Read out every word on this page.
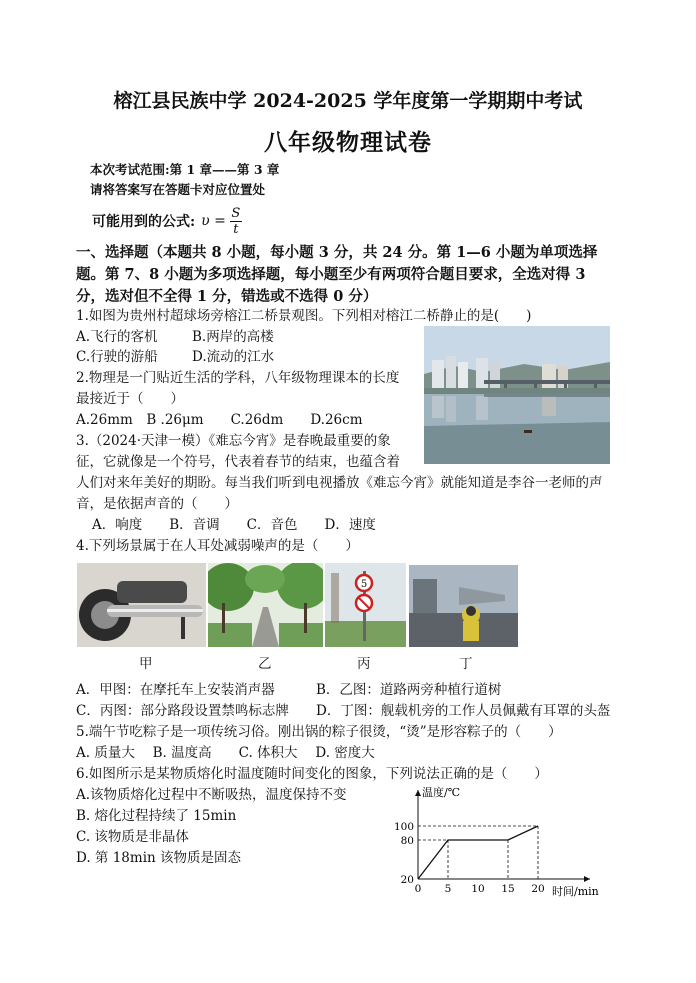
榕江县民族中学 2024-2025 学年度第一学期期中考试
八年级物理试卷
本次考试范围:第 1 章——第 3 章
请将答案写在答题卡对应位置处
可能用到的公式: υ = S
t
一、选择题（本题共 8 小题，每小题 3 分，共 24 分。第 1—6 小题为单项选择
题。第 7、8 小题为多项选择题，每小题至少有两项符合题目要求，全选对得 3
分，选对但不全得 1 分，错选或不选得 0 分）
1.如图为贵州村超球场旁榕江二桥景观图。下列相对榕江二桥静止的是(　　)
A.飞行的客机	B.两岸的高楼
C.行驶的游船	D.流动的江水
2.物理是一门贴近生活的学科，八年级物理课本的长度
最接近于（　　）
A.26mm　B .26μm　　C.26dm　　D.26cm
3.（2024·天津一模）《难忘今宵》是春晚最重要的象
征，它就像是一个符号，代表着春节的结束，也蕴含着
人们对来年美好的期盼。每当我们听到电视播放《难忘今宵》就能知道是李谷一老师的声
音，是依据声音的（　　）
A．响度　　B．音调　　C．音色　　D．速度
4.下列场景属于在人耳处减弱噪声的是（　　）
5
甲	乙	丙	丁
A．甲图：在摩托车上安装消声器	B．乙图：道路两旁种植行道树
C．丙图：部分路段设置禁鸣标志牌 D．丁图：舰载机旁的工作人员佩戴有耳罩的头盔
5.端午节吃粽子是一项传统习俗。刚出锅的粽子很烫，“烫”是形容粽子的（　　）
A. 质量大　 B. 温度高　　C. 体积大　 D. 密度大
6.如图所示是某物质熔化时温度随时间变化的图象，下列说法正确的是（　　）
A.该物质熔化过程中不断吸热，温度保持不变
B. 熔化过程持续了 15min
C. 该物质是非晶体
D. 第 18min 该物质是固态
温度/℃
时间/min
0 5 10 15 20
20
80
100
